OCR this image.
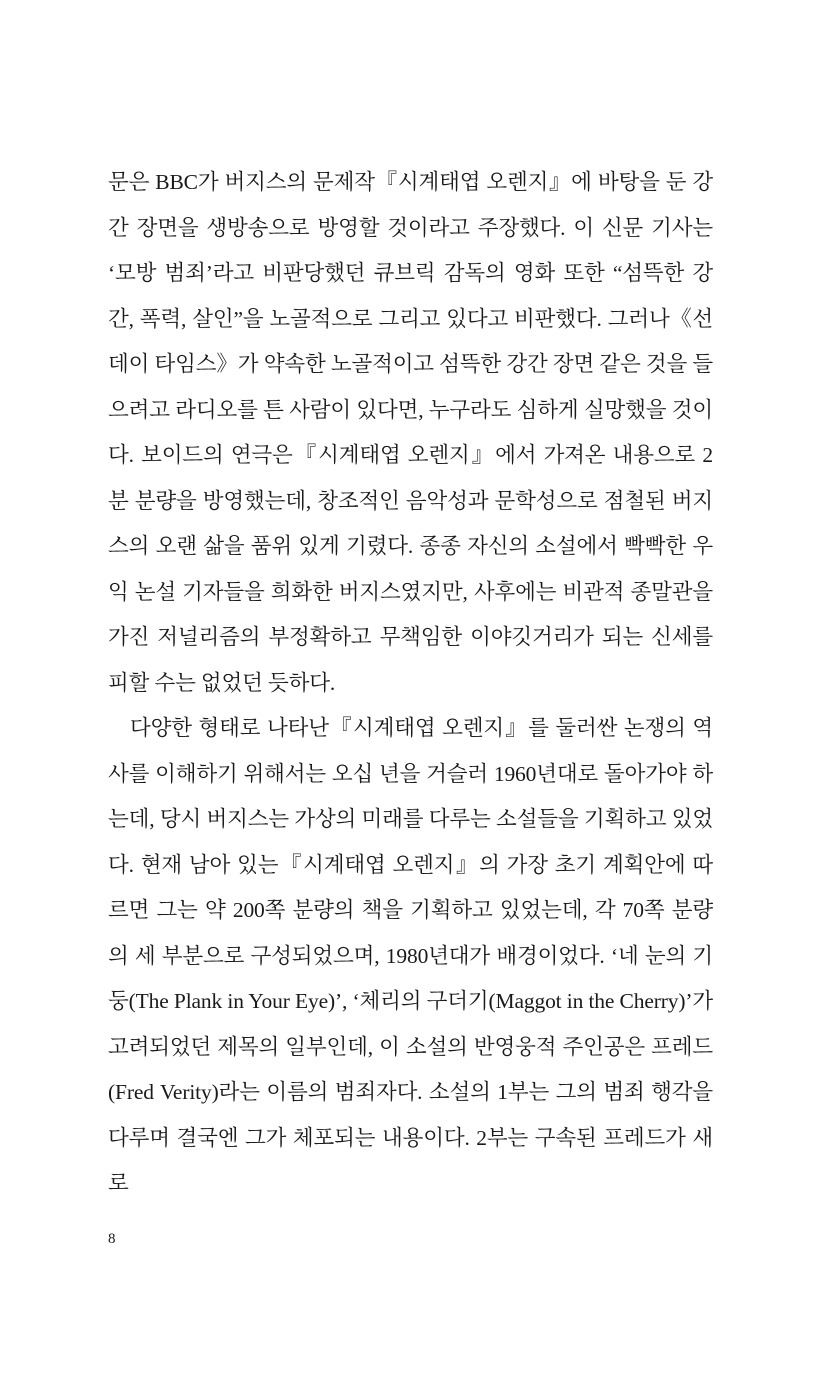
문은 BBC가 버지스의 문제작『시계태엽 오렌지』에 바탕을 둔 강간 장면을 생방송으로 방영할 것이라고 주장했다. 이 신문 기사는 ‘모방 범죄’라고 비판당했던 큐브릭 감독의 영화 또한 “섬뜩한 강간, 폭력, 살인”을 노골적으로 그리고 있다고 비판했다. 그러나《선데이 타임스》가 약속한 노골적이고 섬뜩한 강간 장면 같은 것을 들으려고 라디오를 튼 사람이 있다면, 누구라도 심하게 실망했을 것이다. 보이드의 연극은『시계태엽 오렌지』에서 가져온 내용으로 2분 분량을 방영했는데, 창조적인 음악성과 문학성으로 점철된 버지스의 오랜 삶을 품위 있게 기렸다. 종종 자신의 소설에서 빡빡한 우익 논설 기자들을 희화한 버지스였지만, 사후에는 비관적 종말관을 가진 저널리즘의 부정확하고 무책임한 이야깃거리가 되는 신세를 피할 수는 없었던 듯하다.

다양한 형태로 나타난『시계태엽 오렌지』를 둘러싼 논쟁의 역사를 이해하기 위해서는 오십 년을 거슬러 1960년대로 돌아가야 하는데, 당시 버지스는 가상의 미래를 다루는 소설들을 기획하고 있었다. 현재 남아 있는『시계태엽 오렌지』의 가장 초기 계획안에 따르면 그는 약 200쪽 분량의 책을 기획하고 있었는데, 각 70쪽 분량의 세 부분으로 구성되었으며, 1980년대가 배경이었다. ‘네 눈의 기둥(The Plank in Your Eye)’, ‘체리의 구더기(Maggot in the Cherry)’가 고려되었던 제목의 일부인데, 이 소설의 반영웅적 주인공은 프레드(Fred Verity)라는 이름의 범죄자다. 소설의 1부는 그의 범죄 행각을 다루며 결국엔 그가 체포되는 내용이다. 2부는 구속된 프레드가 새로

8
